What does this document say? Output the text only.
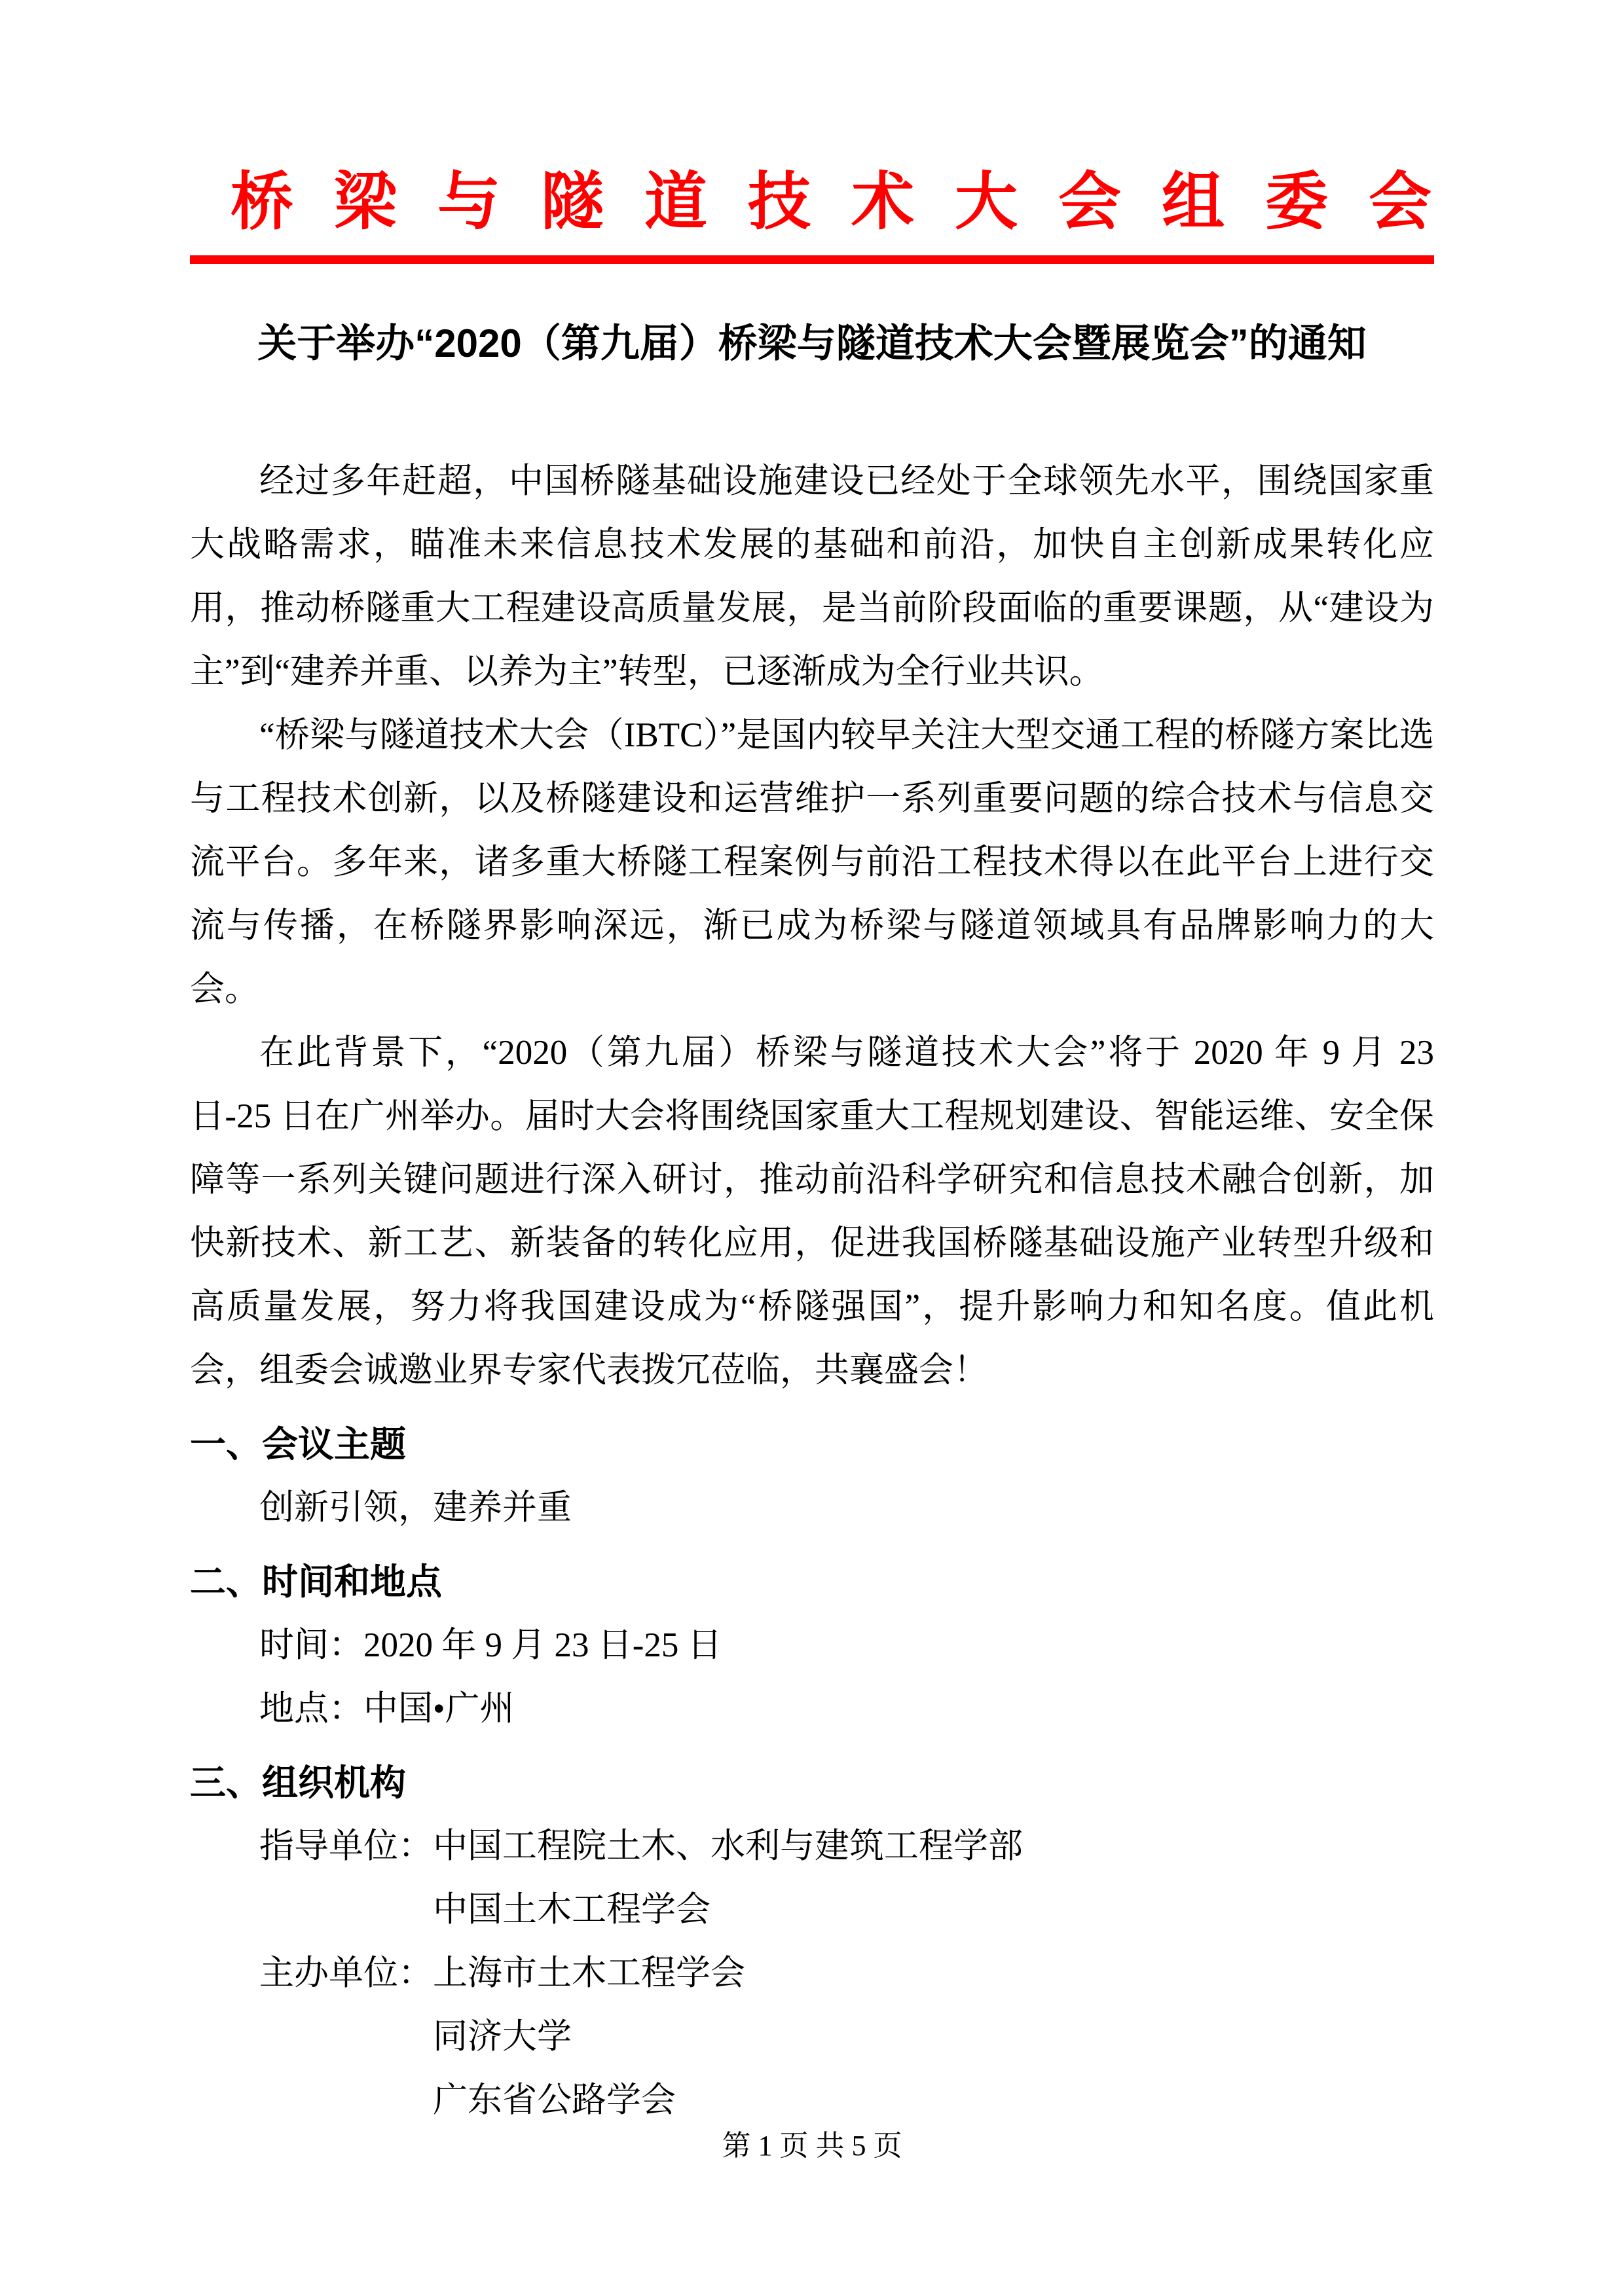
桥梁与隧道技术大会组委会
关于举办“2020（第九届）桥梁与隧道技术大会暨展览会”的通知

经过多年赶超，中国桥隧基础设施建设已经处于全球领先水平，围绕国家重大战略需求，瞄准未来信息技术发展的基础和前沿，加快自主创新成果转化应用，推动桥隧重大工程建设高质量发展，是当前阶段面临的重要课题，从“建设为主”到“建养并重、以养为主”转型，已逐渐成为全行业共识。

“桥梁与隧道技术大会（IBTC）”是国内较早关注大型交通工程的桥隧方案比选与工程技术创新，以及桥隧建设和运营维护一系列重要问题的综合技术与信息交流平台。多年来，诸多重大桥隧工程案例与前沿工程技术得以在此平台上进行交流与传播，在桥隧界影响深远，渐已成为桥梁与隧道领域具有品牌影响力的大会。

在此背景下，“2020（第九届）桥梁与隧道技术大会”将于 2020 年 9 月 23 日-25 日在广州举办。届时大会将围绕国家重大工程规划建设、智能运维、安全保障等一系列关键问题进行深入研讨，推动前沿科学研究和信息技术融合创新，加快新技术、新工艺、新装备的转化应用，促进我国桥隧基础设施产业转型升级和高质量发展，努力将我国建设成为“桥隧强国”，提升影响力和知名度。值此机会，组委会诚邀业界专家代表拨冗莅临，共襄盛会！

一、会议主题

创新引领，建养并重

二、时间和地点

时间：2020 年 9 月 23 日-25 日

地点：中国•广州

三、组织机构
指导单位：中国工程院土木、水利与建筑工程学部
中国土木工程学会
主办单位：上海市土木工程学会
同济大学
广东省公路学会
第 1 页 共 5 页
